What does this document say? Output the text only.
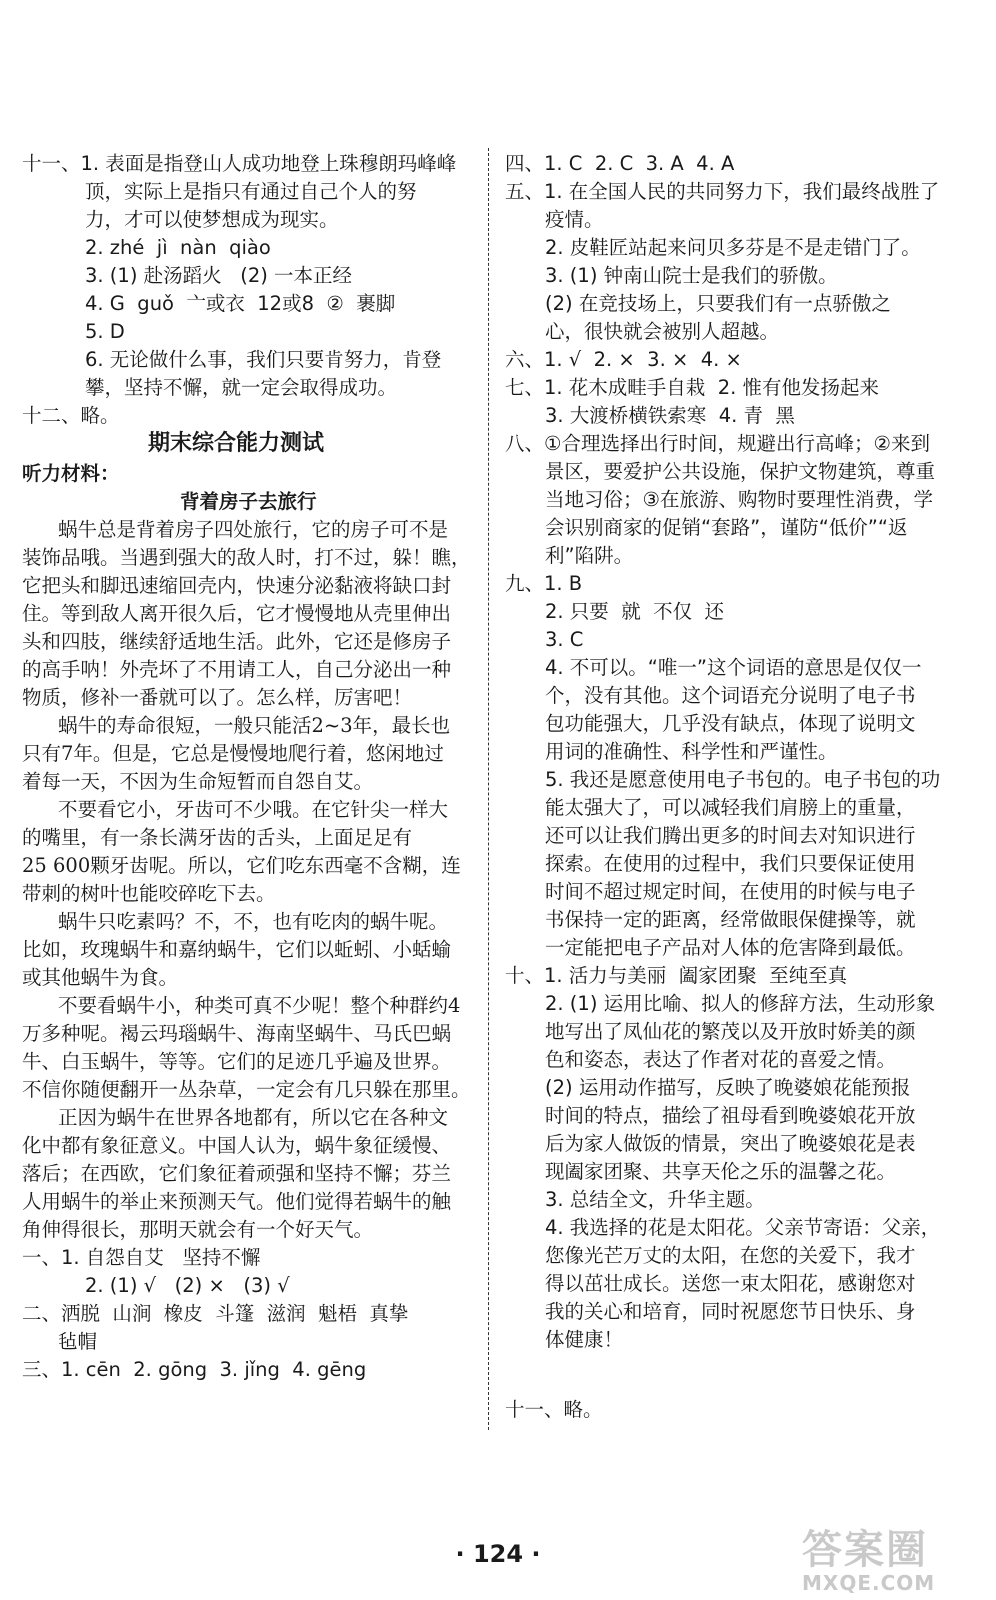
十一、1. 表面是指登山人成功地登上珠穆朗玛峰峰
顶，实际上是指只有通过自己个人的努
力，才可以使梦想成为现实。
2. zhé  jì  nàn  qiào
3. (1) 赴汤蹈火   (2) 一本正经
4. G  guǒ  亠或衣  12或8  ②  裹脚
5. D
6. 无论做什么事，我们只要肯努力，肯登
攀，坚持不懈，就一定会取得成功。
十二、略。
期末综合能力测试
听力材料：
背着房子去旅行
蜗牛总是背着房子四处旅行，它的房子可不是
装饰品哦。当遇到强大的敌人时，打不过，躲！瞧，
它把头和脚迅速缩回壳内，快速分泌黏液将缺口封
住。等到敌人离开很久后，它才慢慢地从壳里伸出
头和四肢，继续舒适地生活。此外，它还是修房子
的高手呐！外壳坏了不用请工人，自己分泌出一种
物质，修补一番就可以了。怎么样，厉害吧！
蜗牛的寿命很短，一般只能活2~3年，最长也
只有7年。但是，它总是慢慢地爬行着，悠闲地过
着每一天，不因为生命短暂而自怨自艾。
不要看它小，牙齿可不少哦。在它针尖一样大
的嘴里，有一条长满牙齿的舌头，上面足足有
25 600颗牙齿呢。所以，它们吃东西毫不含糊，连
带刺的树叶也能咬碎吃下去。
蜗牛只吃素吗？不，不，也有吃肉的蜗牛呢。
比如，玫瑰蜗牛和嘉纳蜗牛，它们以蚯蚓、小蛞蝓
或其他蜗牛为食。
不要看蜗牛小，种类可真不少呢！整个种群约4
万多种呢。褐云玛瑙蜗牛、海南坚蜗牛、马氏巴蜗
牛、白玉蜗牛，等等。它们的足迹几乎遍及世界。
不信你随便翻开一丛杂草，一定会有几只躲在那里。
正因为蜗牛在世界各地都有，所以它在各种文
化中都有象征意义。中国人认为，蜗牛象征缓慢、
落后；在西欧，它们象征着顽强和坚持不懈；芬兰
人用蜗牛的举止来预测天气。他们觉得若蜗牛的触
角伸得很长，那明天就会有一个好天气。
一、1. 自怨自艾   坚持不懈
2. (1) √   (2) ×   (3) √
二、洒脱  山涧  橡皮  斗篷  滋润  魁梧  真挚
毡帽
三、1. cēn  2. gōng  3. jǐng  4. gēng
四、1. C  2. C  3. A  4. A
五、1. 在全国人民的共同努力下，我们最终战胜了
疫情。
2. 皮鞋匠站起来问贝多芬是不是走错门了。
3. (1) 钟南山院士是我们的骄傲。
(2) 在竞技场上，只要我们有一点骄傲之
心，很快就会被别人超越。
六、1. √  2. ×  3. ×  4. ×
七、1. 花木成畦手自栽  2. 惟有他发扬起来
3. 大渡桥横铁索寒  4. 青  黑
八、①合理选择出行时间，规避出行高峰；②来到
景区，要爱护公共设施，保护文物建筑，尊重
当地习俗；③在旅游、购物时要理性消费，学
会识别商家的促销“套路”，谨防“低价”“返
利”陷阱。
九、1. B
2. 只要  就  不仅  还
3. C
4. 不可以。“唯一”这个词语的意思是仅仅一
个，没有其他。这个词语充分说明了电子书
包功能强大，几乎没有缺点，体现了说明文
用词的准确性、科学性和严谨性。
5. 我还是愿意使用电子书包的。电子书包的功
能太强大了，可以减轻我们肩膀上的重量，
还可以让我们腾出更多的时间去对知识进行
探索。在使用的过程中，我们只要保证使用
时间不超过规定时间，在使用的时候与电子
书保持一定的距离，经常做眼保健操等，就
一定能把电子产品对人体的危害降到最低。
十、1. 活力与美丽  阖家团聚  至纯至真
2. (1) 运用比喻、拟人的修辞方法，生动形象
地写出了凤仙花的繁茂以及开放时娇美的颜
色和姿态，表达了作者对花的喜爱之情。
(2) 运用动作描写，反映了晚婆娘花能预报
时间的特点，描绘了祖母看到晚婆娘花开放
后为家人做饭的情景，突出了晚婆娘花是表
现阖家团聚、共享天伦之乐的温馨之花。
3. 总结全文，升华主题。
4. 我选择的花是太阳花。父亲节寄语：父亲，
您像光芒万丈的太阳，在您的关爱下，我才
得以茁壮成长。送您一束太阳花，感谢您对
我的关心和培育，同时祝愿您节日快乐、身
体健康！
十一、略。
· 124 ·	答案圈
MXQE.COM
